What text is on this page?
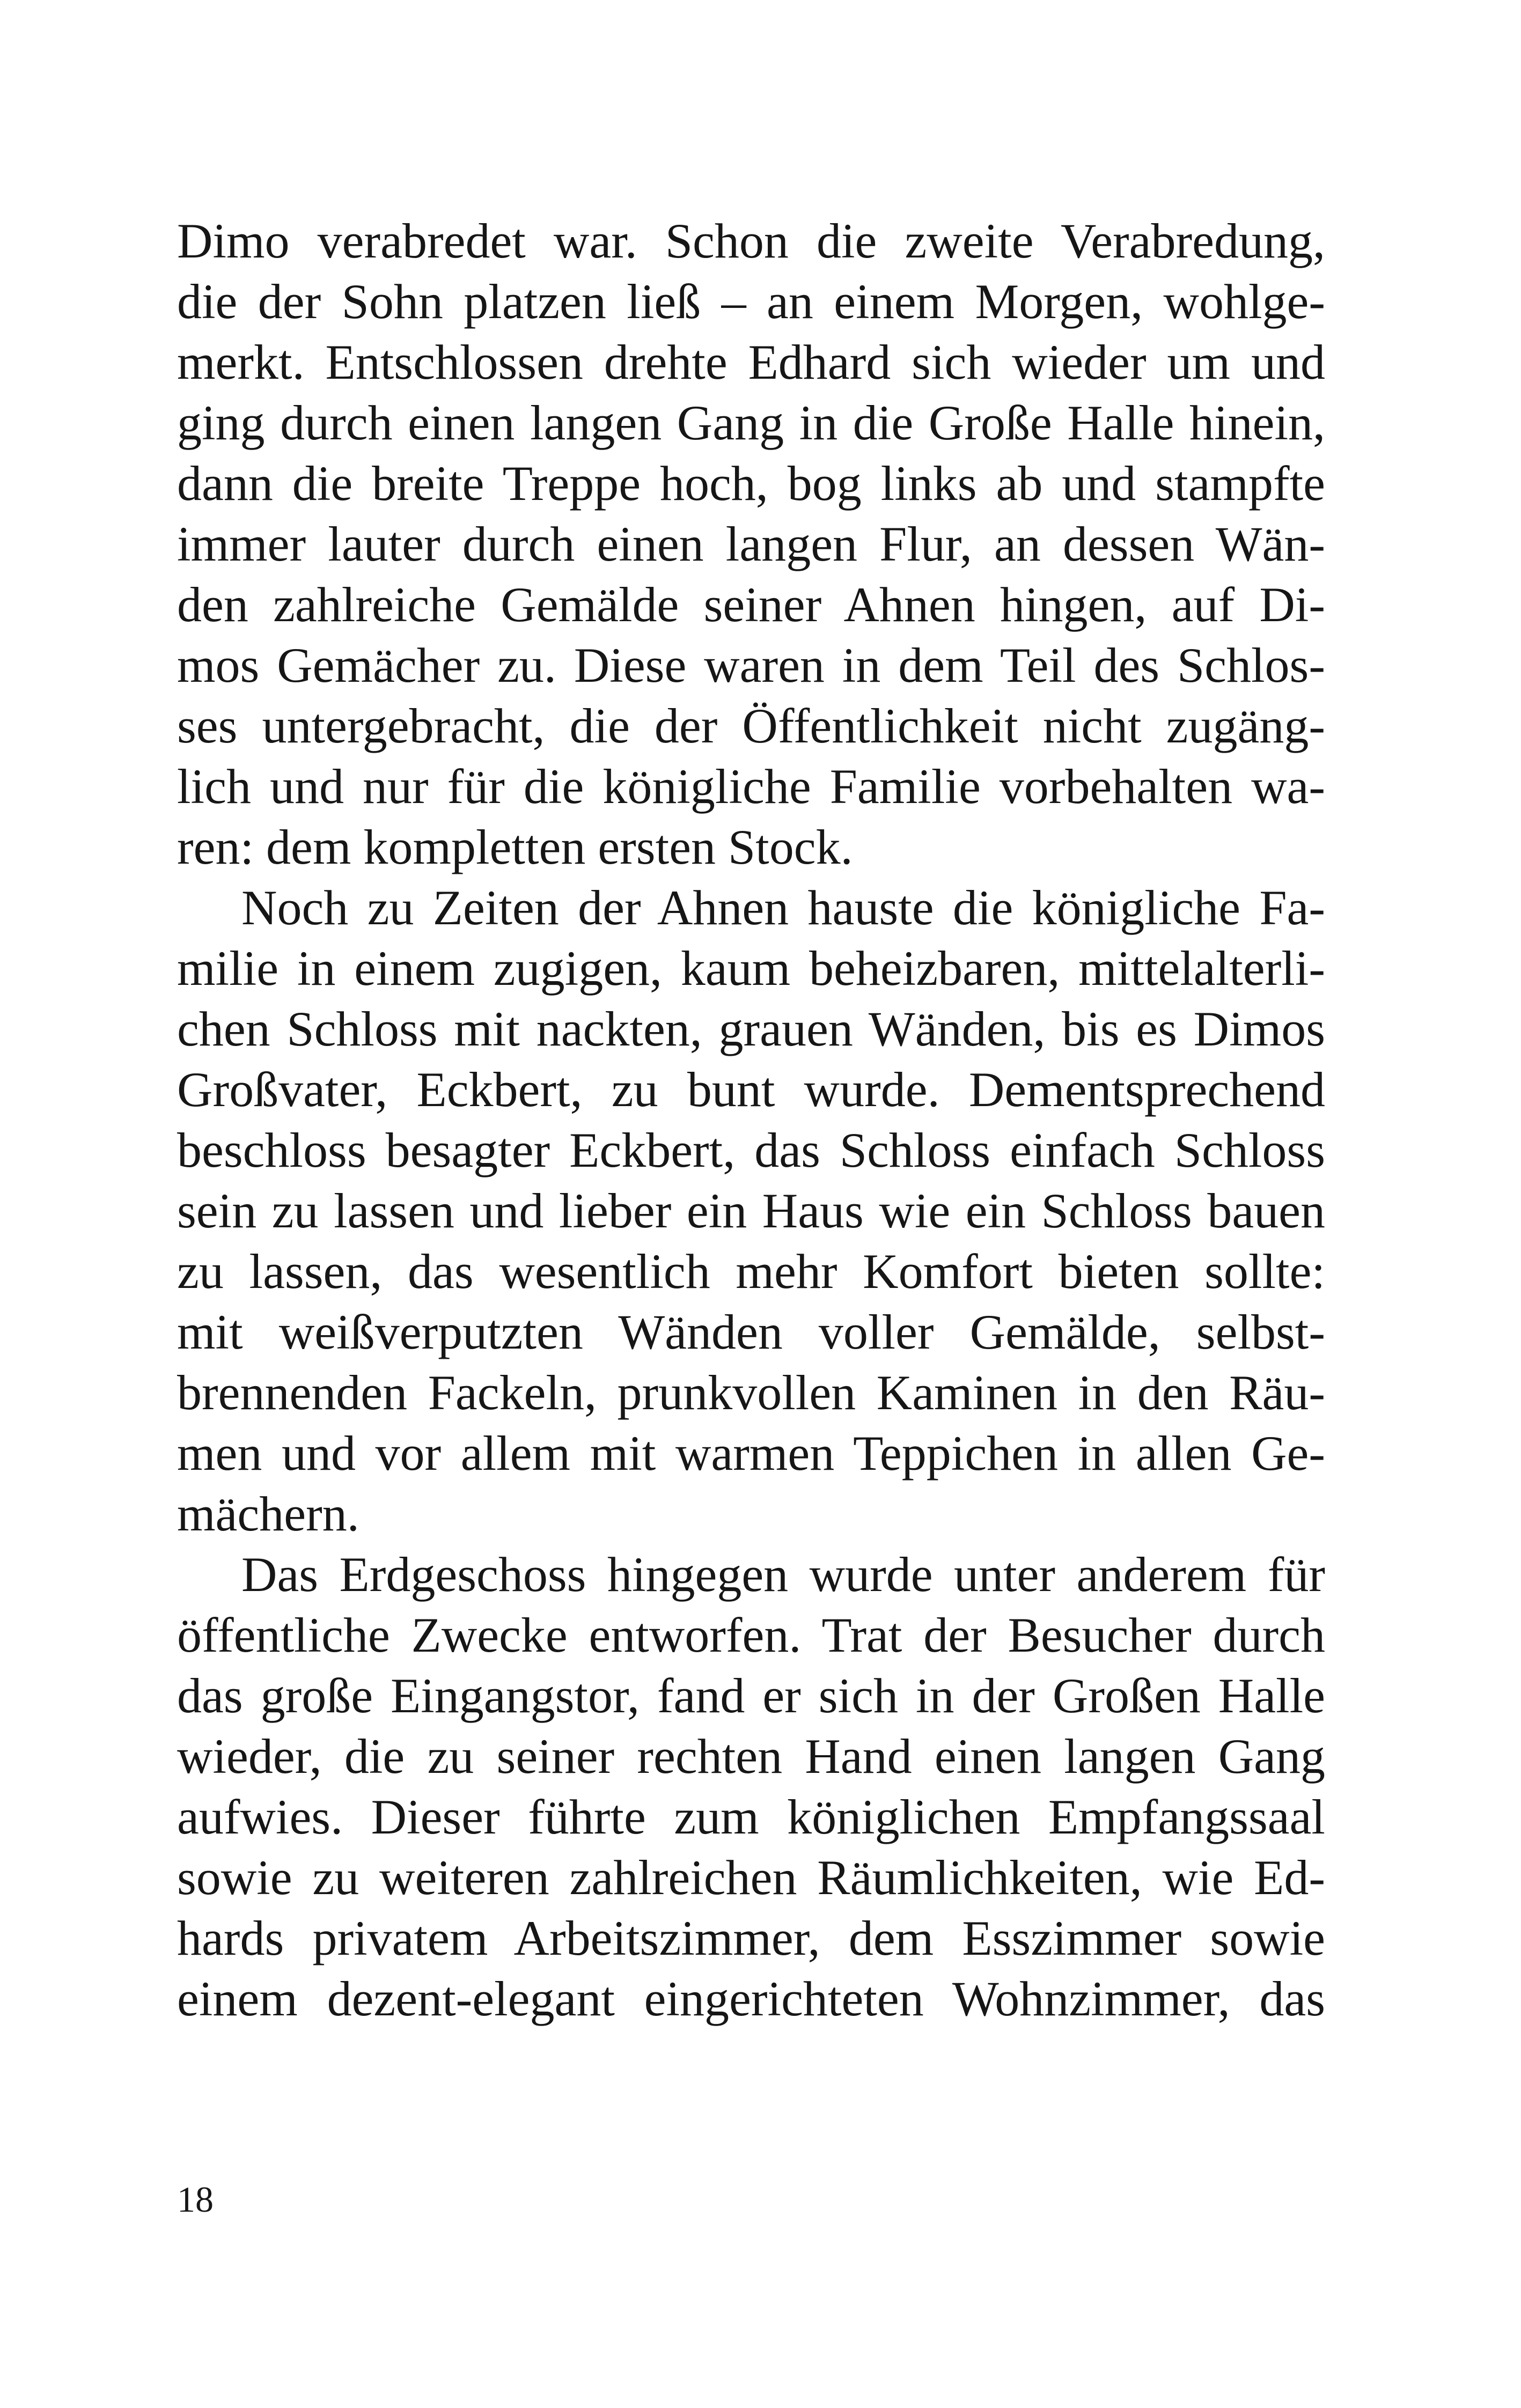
Dimo verabredet war. Schon die zweite Verabredung,
die der Sohn platzen ließ – an einem Morgen, wohlge-
merkt. Entschlossen drehte Edhard sich wieder um und
ging durch einen langen Gang in die Große Halle hinein,
dann die breite Treppe hoch, bog links ab und stampfte
immer lauter durch einen langen Flur, an dessen Wän-
den zahlreiche Gemälde seiner Ahnen hingen, auf Di-
mos Gemächer zu. Diese waren in dem Teil des Schlos-
ses untergebracht, die der Öffentlichkeit nicht zugäng-
lich und nur für die königliche Familie vorbehalten wa-
ren: dem kompletten ersten Stock.
Noch zu Zeiten der Ahnen hauste die königliche Fa-
milie in einem zugigen, kaum beheizbaren, mittelalterli-
chen Schloss mit nackten, grauen Wänden, bis es Dimos
Großvater, Eckbert, zu bunt wurde. Dementsprechend
beschloss besagter Eckbert, das Schloss einfach Schloss
sein zu lassen und lieber ein Haus wie ein Schloss bauen
zu lassen, das wesentlich mehr Komfort bieten sollte:
mit weißverputzten Wänden voller Gemälde, selbst-
brennenden Fackeln, prunkvollen Kaminen in den Räu-
men und vor allem mit warmen Teppichen in allen Ge-
mächern.
Das Erdgeschoss hingegen wurde unter anderem für
öffentliche Zwecke entworfen. Trat der Besucher durch
das große Eingangstor, fand er sich in der Großen Halle
wieder, die zu seiner rechten Hand einen langen Gang
aufwies. Dieser führte zum königlichen Empfangssaal
sowie zu weiteren zahlreichen Räumlichkeiten, wie Ed-
hards privatem Arbeitszimmer, dem Esszimmer sowie
einem dezent-elegant eingerichteten Wohnzimmer, das
18
